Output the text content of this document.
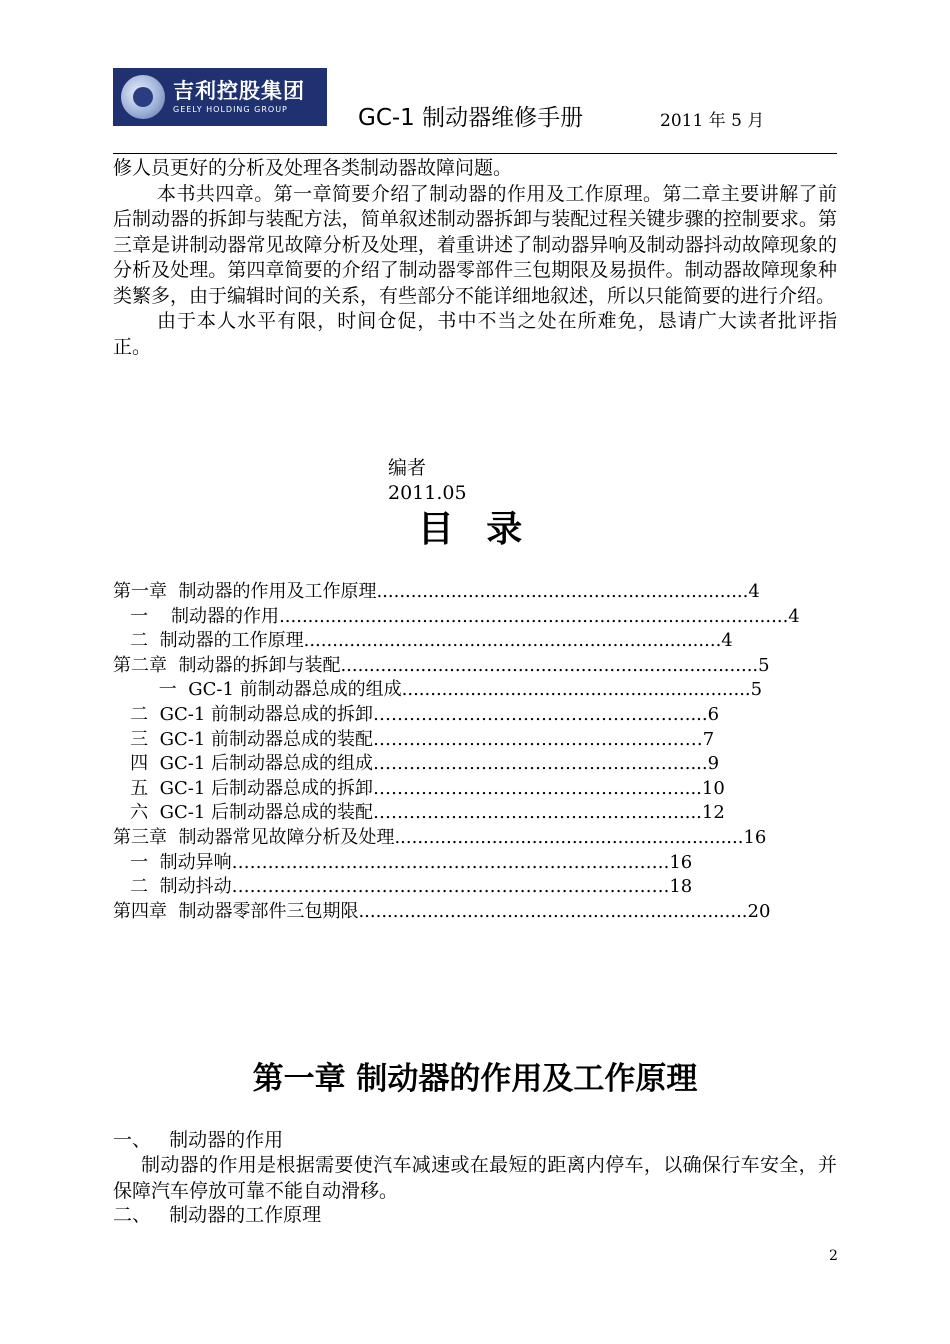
吉利控股集团
GEELY HOLDING GROUP	GC-1 制动器维修手册	2011 年 5 月

修人员更好的分析及处理各类制动器故障问题。

本书共四章。第一章简要介绍了制动器的作用及工作原理。第二章主要讲解了前后制动器的拆卸与装配方法，简单叙述制动器拆卸与装配过程关键步骤的控制要求。第三章是讲制动器常见故障分析及处理，着重讲述了制动器异响及制动器抖动故障现象的分析及处理。第四章简要的介绍了制动器零部件三包期限及易损件。制动器故障现象种类繁多，由于编辑时间的关系，有些部分不能详细地叙述，所以只能简要的进行介绍。

由于本人水平有限，时间仓促，书中不当之处在所难免，恳请广大读者批评指正。

编者
2011.05
目 录
第一章  制动器的作用及工作原理 ................................................................. 4
一    制动器的作用 ......................................................................................... 4
二  制动器的工作原理 ......................................................................... 4
第二章  制动器的拆卸与装配 ......................................................................... 5
一  GC-1 前制动器总成的组成 ............................................................. 5
二  GC-1 前制动器总成的拆卸 ……………………………………….…….... 6
三  GC-1 前制动器总成的装配 ………………………………………….…… 7
四  GC-1 后制动器总成的组成 ……………………………………….…….... 9
五  GC-1 后制动器总成的拆卸 …………………………………………….... 10
六  GC-1 后制动器总成的装配 …………………………………………….... 12
第三章  制动器常见故障分析及处理 ............................................................. 16
一  制动异响 ………………………………………………………………. 16
二  制动抖动 ………………………………………………………………. 18
第四章  制动器零部件三包期限 .................................................................... 20
第一章 制动器的作用及工作原理
一、   制动器的作用

制动器的作用是根据需要使汽车减速或在最短的距离内停车，以确保行车安全，并保障汽车停放可靠不能自动滑移。

二、   制动器的工作原理
2
